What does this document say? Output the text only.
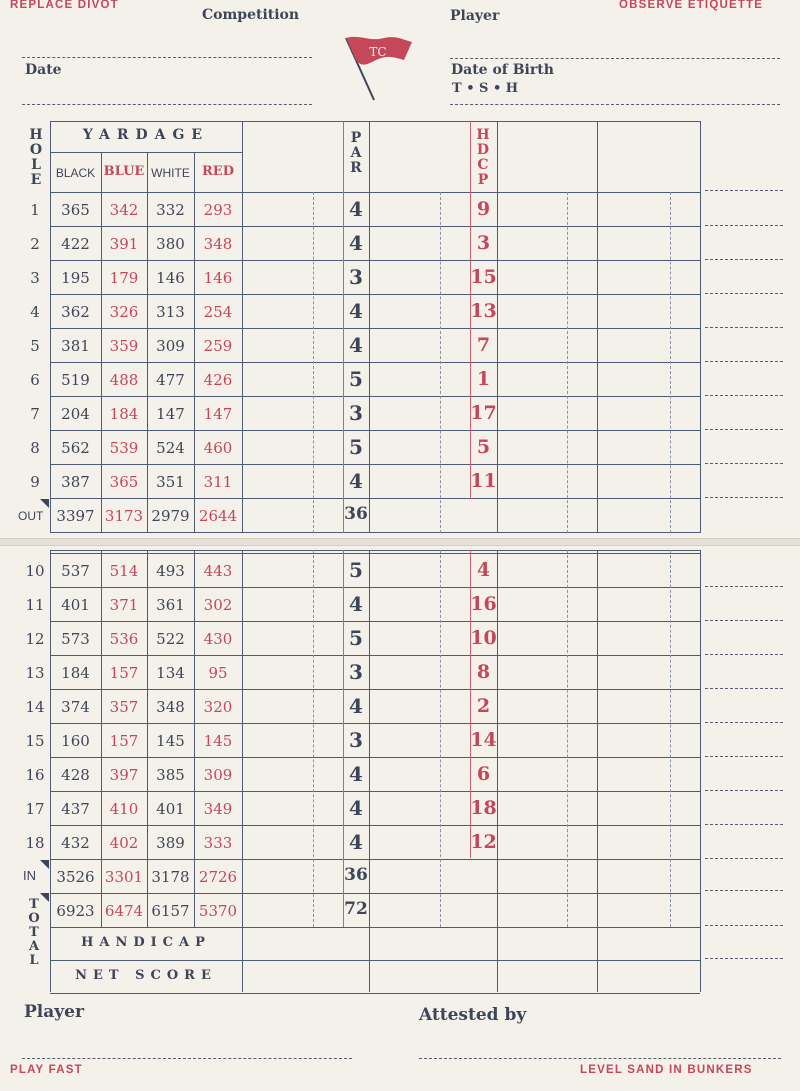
REPLACE DIVOT
Competition	Player
OBSERVE ETIQUETTE
Date	Date of Birth
T • S • H
TC
H
O
L
E
YARDAGE
BLACK BLUE WHITE RED
P
A
R
H
D
C
P
1	365	342	332	293	4	9
2	422	391	380	348	4	3
3	195	179	146	146	3	15
4	362	326	313	254	4	13
5	381	359	309	259	4	7
6	519	488	477	426	5	1
7	204	184	147	147	3	17
8	562	539	524	460	5	5
9	387	365	351	311	4	11
OUT 3397 3173 2979 2644	36
10	537	514	493	443	5	4
11	401	371	361	302	4	16
12	573	536	522	430	5	10
13	184	157	134	95	3	8
14	374	357	348	320	4	2
15	160	157	145	145	3	14
16	428	397	385	309	4	6
17	437	410	401	349	4	18
18	432	402	389	333	4	12
IN	3526 3301 3178 2726	36
T
O
T
A
L
6923 6474 6157 5370	72
HANDICAP
NET SCORE
Player	Attested by
PLAY FAST	LEVEL SAND IN BUNKERS
